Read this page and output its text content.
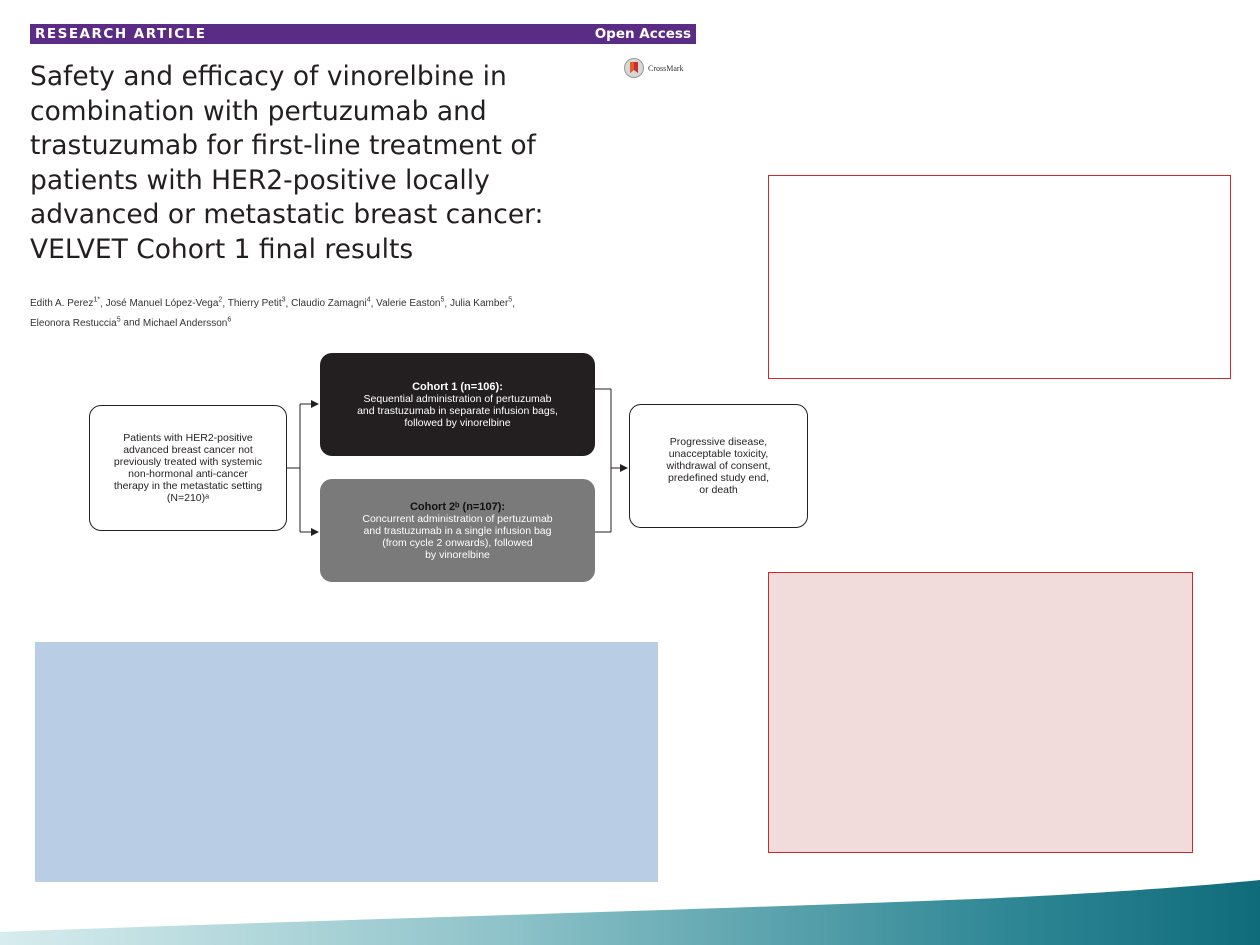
RESEARCH ARTICLE	Open Access
CrossMark
Safety and efficacy of vinorelbine in
combination with pertuzumab and
trastuzumab for first-line treatment of
patients with HER2-positive locally
advanced or metastatic breast cancer:
VELVET Cohort 1 final results
Edith A. Perez$^{1*}$, José Manuel López-Vega$^2$, Thierry Petit$^3$, Claudio Zamagni$^4$, Valerie Easton$^5$, Julia Kamber$^5$,
Eleonora Restuccia$^5$ and Michael Andersson$^6$
Patients with HER2-positive
advanced breast cancer not
previously treated with systemic
non-hormonal anti-cancer
therapy in the metastatic setting
(N=210)ᵃ
Cohort 1 (n=106):
Sequential administration of pertuzumab
and trastuzumab in separate infusion bags,
followed by vinorelbine
Cohort 2ᵇ (n=107):
Concurrent administration of pertuzumab
and trastuzumab in a single infusion bag
(from cycle 2 onwards), followed
by vinorelbine
Progressive disease,
unacceptable toxicity,
withdrawal of consent,
predefined study end,
or death
